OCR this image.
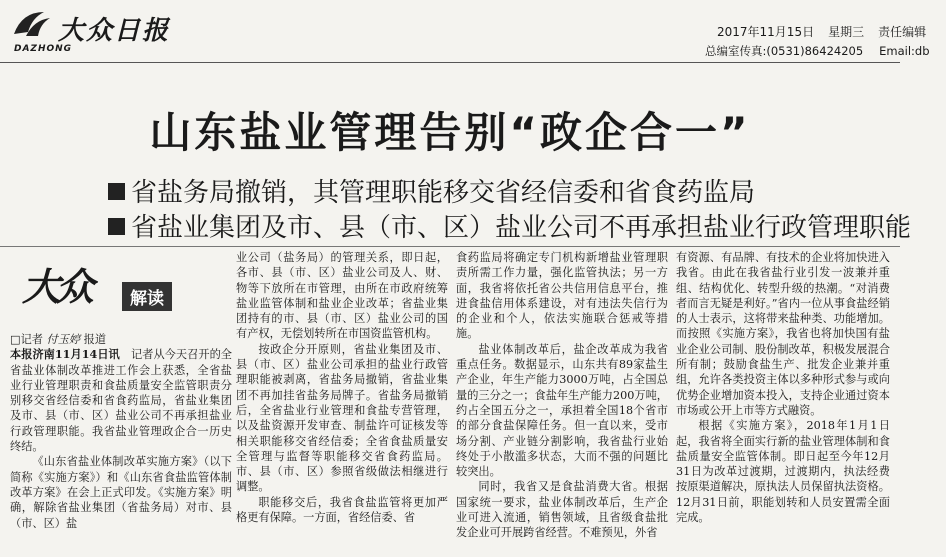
DAZHONG
大众日报	2017年11月15日 星期三 责任编辑
总编室传真:(0531)86424205 Email:db
山东盐业管理告别“政企合一”
省盐务局撤销，其管理职能移交省经信委和省食药监局
省盐业集团及市、县（市、区）盐业公司不再承担盐业行政管理职能
大众	解读

□记者 付玉婷 报道

本报济南11月14日讯　 记者从今天召开的全省盐业体制改革推进工作会上获悉，全省盐业行业管理职责和食盐质量安全监管职责分别移交省经信委和省食药监局，省盐业集团及市、县（市、区）盐业公司不再承担盐业行政管理职能。我省盐业管理政企合一历史终结。

《山东省盐业体制改革实施方案》（以下简称《实施方案》）和《山东省食盐监管体制改革方案》在会上正式印发。《实施方案》明确，解除省盐业集团（省盐务局）对市、县（市、区）盐

业公司（盐务局）的管理关系，即日起，各市、县（市、区）盐业公司及人、财、物等下放所在市管理，由所在市政府统筹盐业监管体制和盐业企业改革；省盐业集团持有的市、县（市、区）盐业公司的国有产权，无偿划转所在市国资监管机构。

按政企分开原则，省盐业集团及市、县（市、区）盐业公司承担的盐业行政管理职能被剥离，省盐务局撤销，省盐业集团不再加挂省盐务局牌子。省盐务局撤销后，全省盐业行业管理和食盐专营管理，以及盐资源开发审查、制盐许可证核发等相关职能移交省经信委；全省食盐质量安全管理与监督等职能移交省食药监局。市、县（市、区）参照省级做法相继进行调整。

职能移交后，我省食盐监管将更加严格更有保障。一方面，省经信委、省

食药监局将确定专门机构新增盐业管理职责所需工作力量，强化监管执法；另一方面，我省将依托省公共信用信息平台，推进食盐信用体系建设，对有违法失信行为的企业和个人，依法实施联合惩戒等措施。

盐业体制改革后，盐企改革成为我省重点任务。数据显示，山东共有89家盐生产企业，年生产能力3000万吨，占全国总量的三分之一；食盐年生产能力200万吨，约占全国五分之一，承担着全国18个省市的部分食盐保障任务。但一直以来，受市场分割、产业链分割影响，我省盐行业始终处于小散滥多状态，大而不强的问题比较突出。

同时，我省又是食盐消费大省。根据国家统一要求，盐业体制改革后，生产企业可进入流通，销售领域，且省级食盐批发企业可开展跨省经营。不难预见，外省

有资源、有品牌、有技术的企业将加快进入我省。由此在我省盐行业引发一波兼并重组、结构优化、转型升级的热潮。“对消费者而言无疑是利好。”省内一位从事食盐经销的人士表示，这将带来盐种类、功能增加。而按照《实施方案》，我省也将加快国有盐业企业公司制、股份制改革，积极发展混合所有制；鼓励食盐生产、批发企业兼并重组，允许各类投资主体以多种形式参与或向优势企业增加资本投入，支持企业通过资本市场或公开上市等方式融资。

根据《实施方案》，2018年1月1日起，我省将全面实行新的盐业管理体制和食盐质量安全监管体制。即日起至今年12月31日为改革过渡期，过渡期内，执法经费按原渠道解决，原执法人员保留执法资格。12月31日前，职能划转和人员安置需全面完成。
